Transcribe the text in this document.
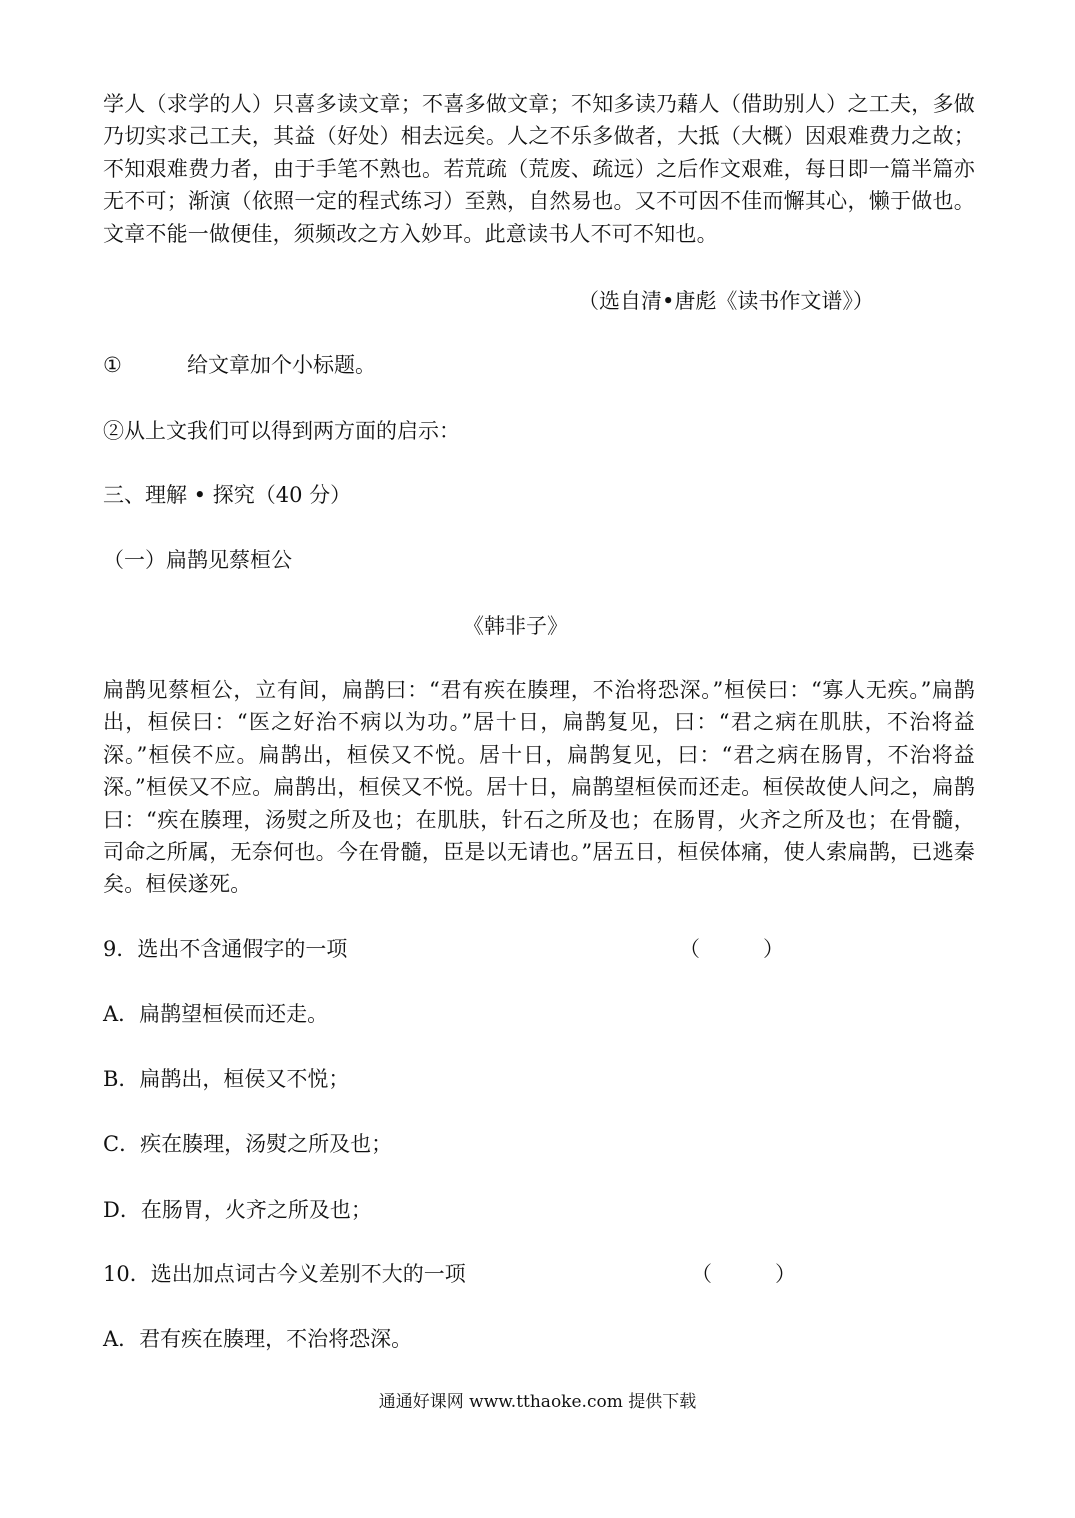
学人（求学的人）只喜多读文章；不喜多做文章；不知多读乃藉人（借助别人）之工夫，多做乃切实求己工夫，其益（好处）相去远矣。人之不乐多做者，大抵（大概）因艰难费力之故；不知艰难费力者，由于手笔不熟也。若荒疏（荒废、疏远）之后作文艰难，每日即一篇半篇亦无不可；渐演（依照一定的程式练习）至熟，自然易也。又不可因不佳而懈其心，懒于做也。文章不能一做便佳，须频改之方入妙耳。此意读书人不可不知也。
（选自清•唐彪《读书作文谱》）
①	给文章加个小标题。
②从上文我们可以得到两方面的启示：
三、理解 • 探究（40 分）
（一）扁鹊见蔡桓公
《韩非子》
扁鹊见蔡桓公，立有间，扁鹊曰：“君有疾在腠理，不治将恐深。”桓侯曰：“寡人无疾。”扁鹊出，桓侯曰：“医之好治不病以为功。”居十日，扁鹊复见，曰：“君之病在肌肤，不治将益深。”桓侯不应。扁鹊出，桓侯又不悦。居十日，扁鹊复见，曰：“君之病在肠胃，不治将益深。”桓侯又不应。扁鹊出，桓侯又不悦。居十日，扁鹊望桓侯而还走。桓侯故使人问之，扁鹊曰：“疾在腠理，汤熨之所及也；在肌肤，针石之所及也；在肠胃，火齐之所及也；在骨髓，司命之所属，无奈何也。今在骨髓，臣是以无请也。”居五日，桓侯体痛，使人索扁鹊，已逃秦矣。桓侯遂死。
9．选出不含通假字的一项	（　　　）
A．扁鹊望桓侯而还走。
B．扁鹊出，桓侯又不悦；
C．疾在腠理，汤熨之所及也；
D．在肠胃，火齐之所及也；
10．选出加点词古今义差别不大的一项	（　　　）
A．君有疾在腠理，不治将恐深。
通通好课网 www.tthaoke.com 提供下载
